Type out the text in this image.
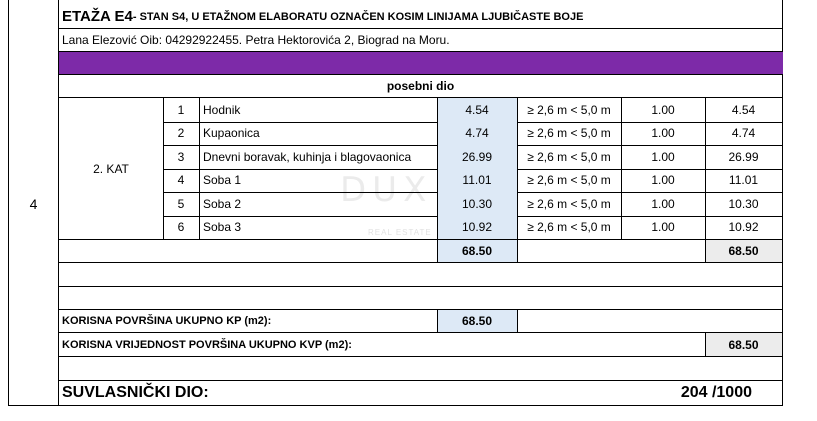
4
ETAŽA E4 - STAN S4, U ETAŽNOM ELABORATU OZNAČEN KOSIM LINIJAMA LJUBIČASTE BOJE
Lana Elezović Oib: 04292922455. Petra Hektorovića 2, Biograd na Moru.
posebni dio
2. KAT
1	Hodnik	4.54	≥ 2,6 m < 5,0 m	1.00	4.54
2	Kupaonica	4.74	≥ 2,6 m < 5,0 m	1.00	4.74
3	Dnevni boravak, kuhinja i blagovaonica	26.99	≥ 2,6 m < 5,0 m	1.00	26.99
4	Soba 1	11.01	≥ 2,6 m < 5,0 m	1.00	11.01
5	Soba 2	10.30	≥ 2,6 m < 5,0 m	1.00	10.30
6	Soba 3	10.92	≥ 2,6 m < 5,0 m	1.00	10.92
68.50	68.50
KORISNA POVRŠINA UKUPNO KP (m2):	68.50
KORISNA VRIJEDNOST POVRŠINA UKUPNO KVP (m2):	68.50
SUVLASNIČKI DIO:	204 /1000
DUX
REAL ESTATE
